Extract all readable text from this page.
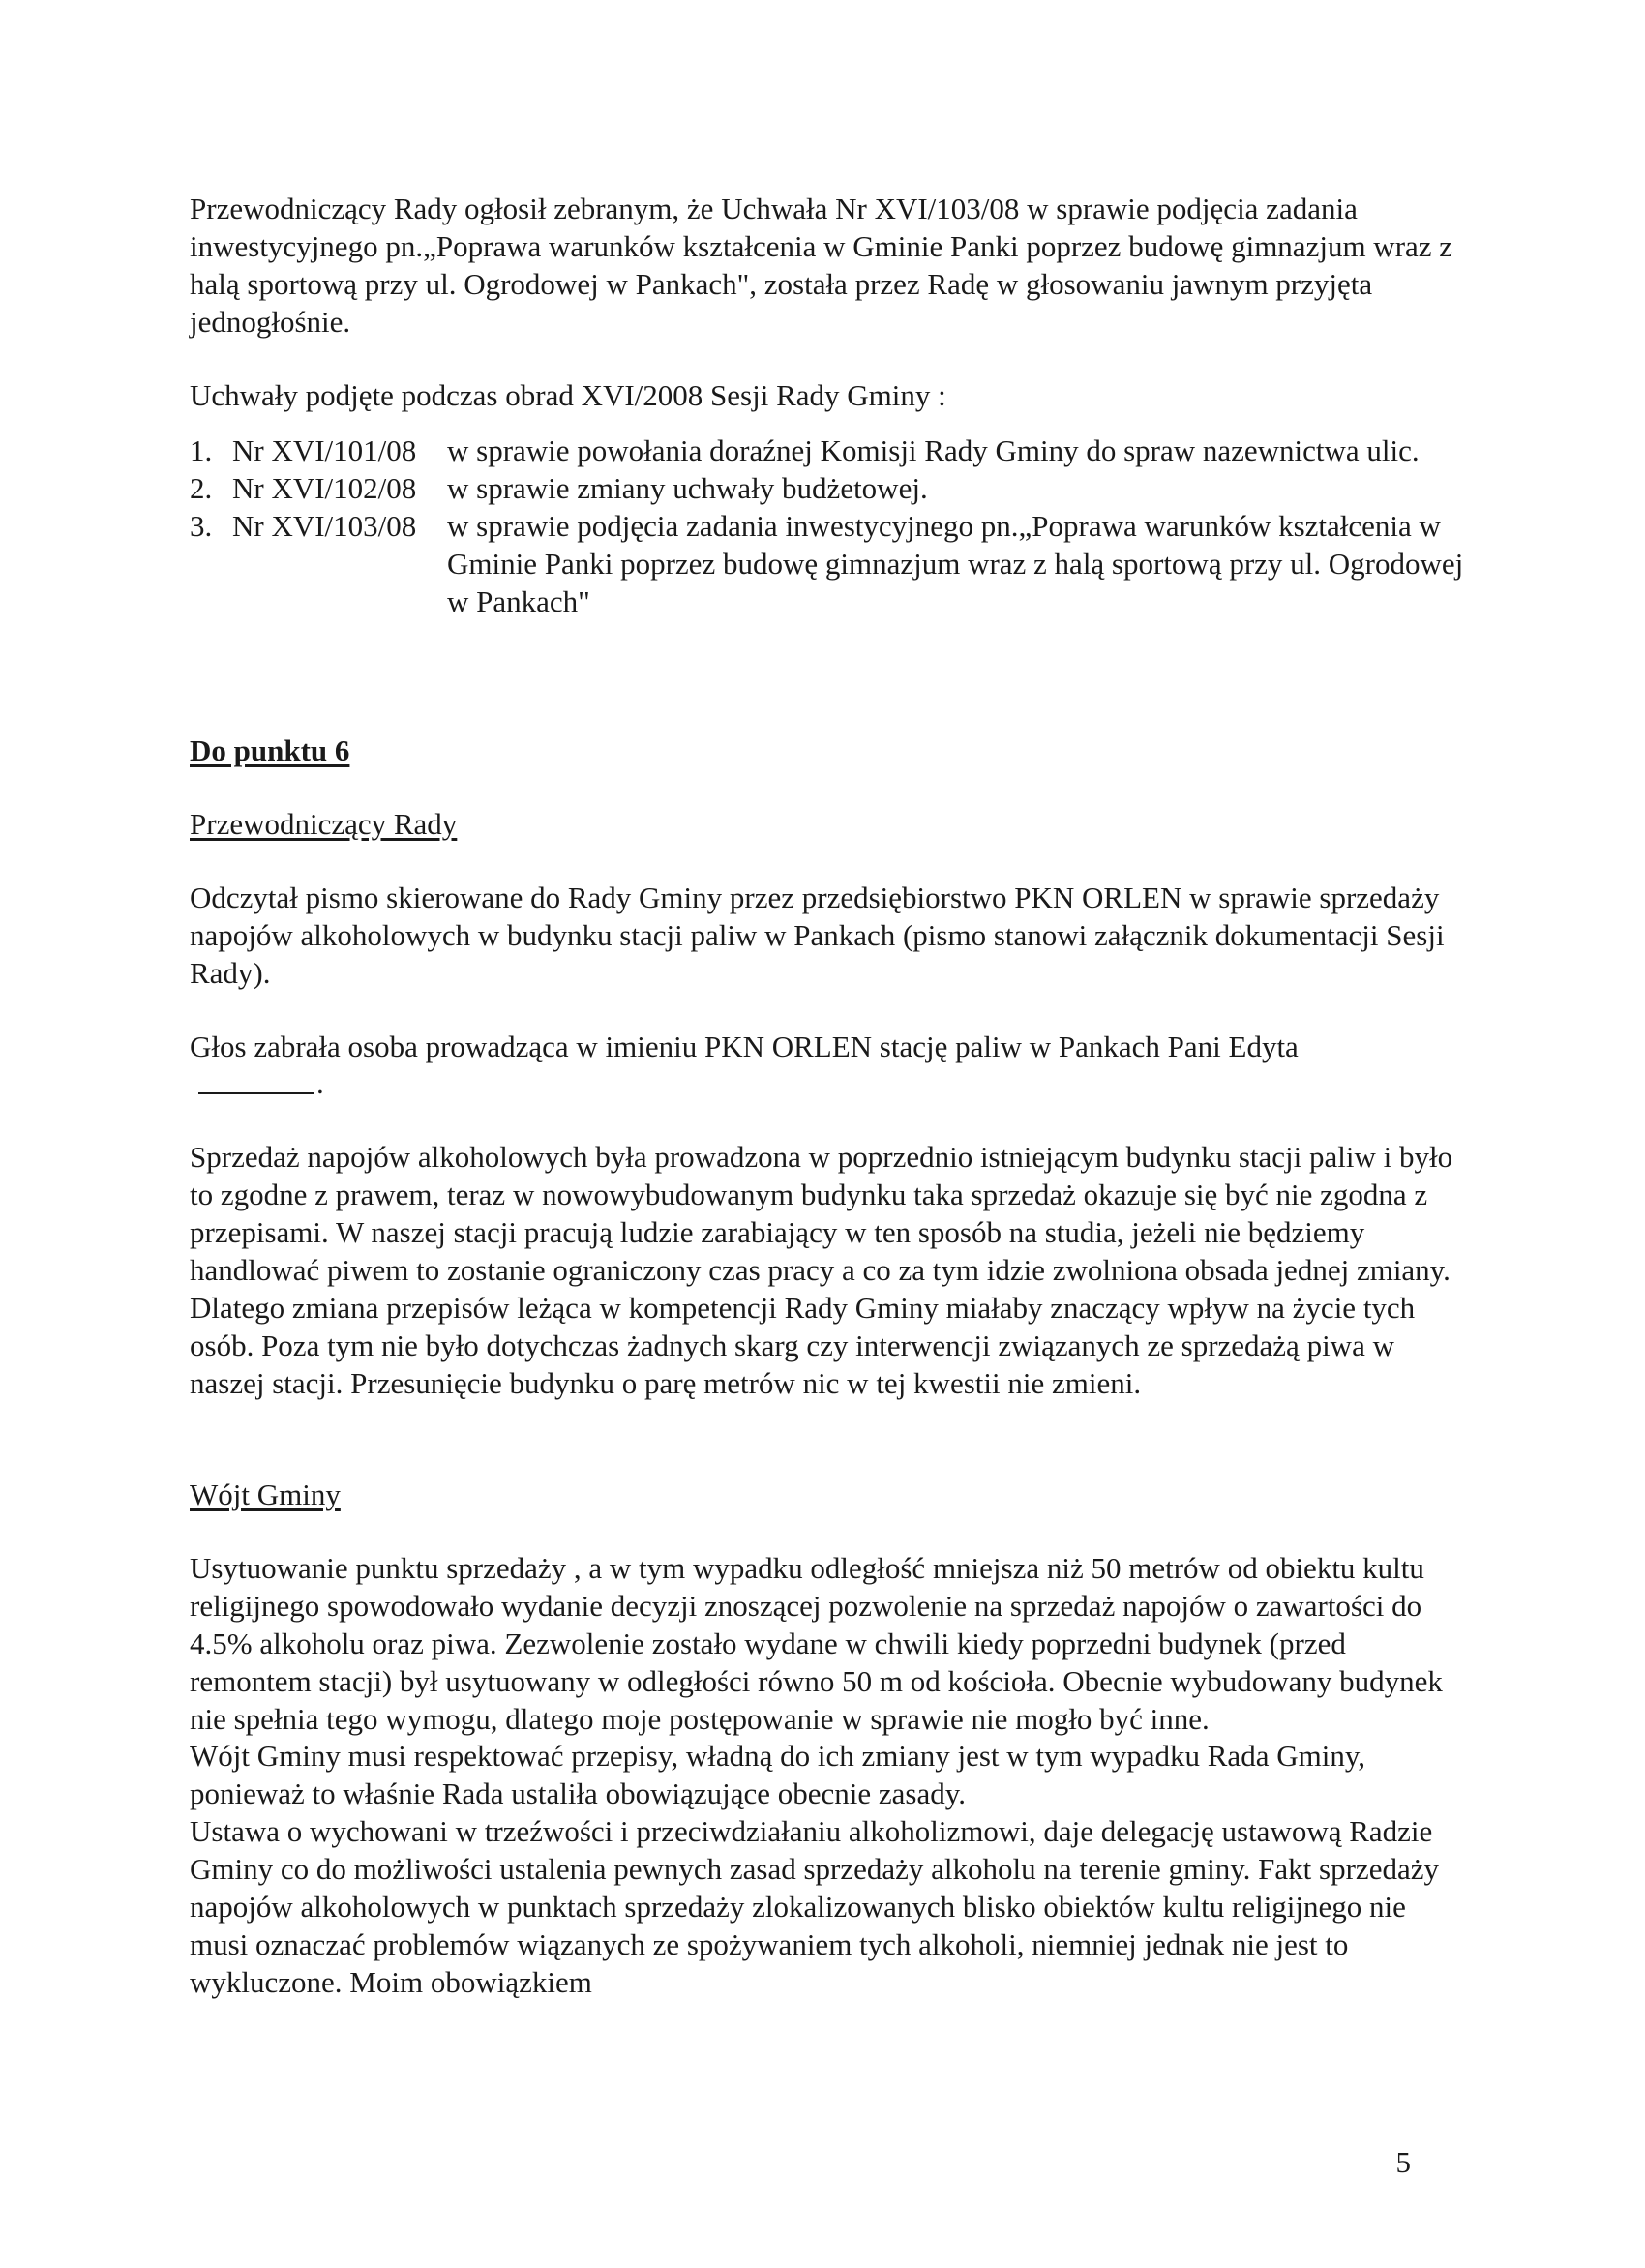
Przewodniczący Rady ogłosił zebranym, że Uchwała Nr XVI/103/08 w sprawie podjęcia zadania inwestycyjnego pn.„Poprawa warunków kształcenia w Gminie Panki poprzez budowę gimnazjum wraz z halą sportową przy ul. Ogrodowej w Pankach", została przez Radę w głosowaniu jawnym przyjęta jednogłośnie.

Uchwały podjęte podczas obrad XVI/2008 Sesji Rady Gminy :

1. Nr XVI/101/08	w sprawie powołania doraźnej Komisji Rady Gminy do spraw nazewnictwa ulic.
2. Nr XVI/102/08	w sprawie zmiany uchwały budżetowej.
3. Nr XVI/103/08	w sprawie podjęcia zadania inwestycyjnego pn.„Poprawa warunków kształcenia w Gminie Panki poprzez budowę gimnazjum wraz z halą sportową przy ul. Ogrodowej w Pankach"

Do punktu 6

Przewodniczący Rady

Odczytał pismo skierowane do Rady Gminy przez przedsiębiorstwo PKN ORLEN w sprawie sprzedaży napojów alkoholowych w budynku stacji paliw w Pankach (pismo stanowi załącznik dokumentacji Sesji Rady).

Głos zabrała osoba prowadząca w imieniu PKN ORLEN stację paliw w Pankach Pani Edyta

.

Sprzedaż napojów alkoholowych była prowadzona w poprzednio istniejącym budynku stacji paliw i było to zgodne z prawem, teraz w nowowybudowanym budynku taka sprzedaż okazuje się być nie zgodna z przepisami. W naszej stacji pracują ludzie zarabiający w ten sposób na studia, jeżeli nie będziemy handlować piwem to zostanie ograniczony czas pracy a co za tym idzie zwolniona obsada jednej zmiany. Dlatego zmiana przepisów leżąca w kompetencji Rady Gminy miałaby znaczący wpływ na życie tych osób. Poza tym nie było dotychczas żadnych skarg czy interwencji związanych ze sprzedażą piwa w naszej stacji. Przesunięcie budynku o parę metrów nic w tej kwestii nie zmieni.

Wójt Gminy

Usytuowanie punktu sprzedaży , a w tym wypadku odległość mniejsza niż 50 metrów od obiektu kultu religijnego spowodowało wydanie decyzji znoszącej pozwolenie na sprzedaż napojów o zawartości do 4.5% alkoholu oraz piwa. Zezwolenie zostało wydane w chwili kiedy poprzedni budynek (przed remontem stacji) był usytuowany w odległości równo 50 m od kościoła. Obecnie wybudowany budynek nie spełnia tego wymogu, dlatego moje postępowanie w sprawie nie mogło być inne.

Wójt Gminy musi respektować przepisy, władną do ich zmiany jest w tym wypadku Rada Gminy, ponieważ to właśnie Rada ustaliła obowiązujące obecnie zasady.

Ustawa o wychowani w trzeźwości i przeciwdziałaniu alkoholizmowi, daje delegację ustawową Radzie Gminy co do możliwości ustalenia pewnych zasad sprzedaży alkoholu na terenie gminy. Fakt sprzedaży napojów alkoholowych w punktach sprzedaży zlokalizowanych blisko obiektów kultu religijnego nie musi oznaczać problemów wiązanych ze spożywaniem tych alkoholi, niemniej jednak nie jest to wykluczone. Moim obowiązkiem

5
